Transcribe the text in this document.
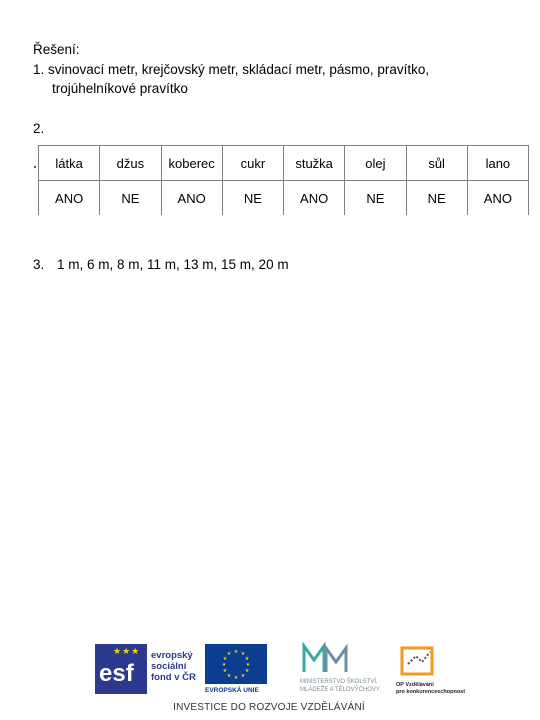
Řešení:
1. svinovací metr, krejčovský metr, skládací metr, pásmo, pravítko,
trojúhelníkové pravítko
2.
látka	džus	koberec	cukr	stužka	olej	sůl	lano
ANO	NE	ANO	NE	ANO	NE	NE	ANO
3. 1 m, 6 m, 8 m, 11 m, 13 m, 15 m, 20 m
★★★
esf
evropský
sociální
fond v ČR
★ ★
★
★
★
★
★
★
★
★
★
★
EVROPSKÁ UNIE
MINISTERSTVO ŠKOLSTVÍ,
MLÁDEŽE A TĚLOVÝCHOVY
OP Vzdělávání
pro konkurenceschopnost
INVESTICE DO ROZVOJE VZDĚLÁVÁNÍ
